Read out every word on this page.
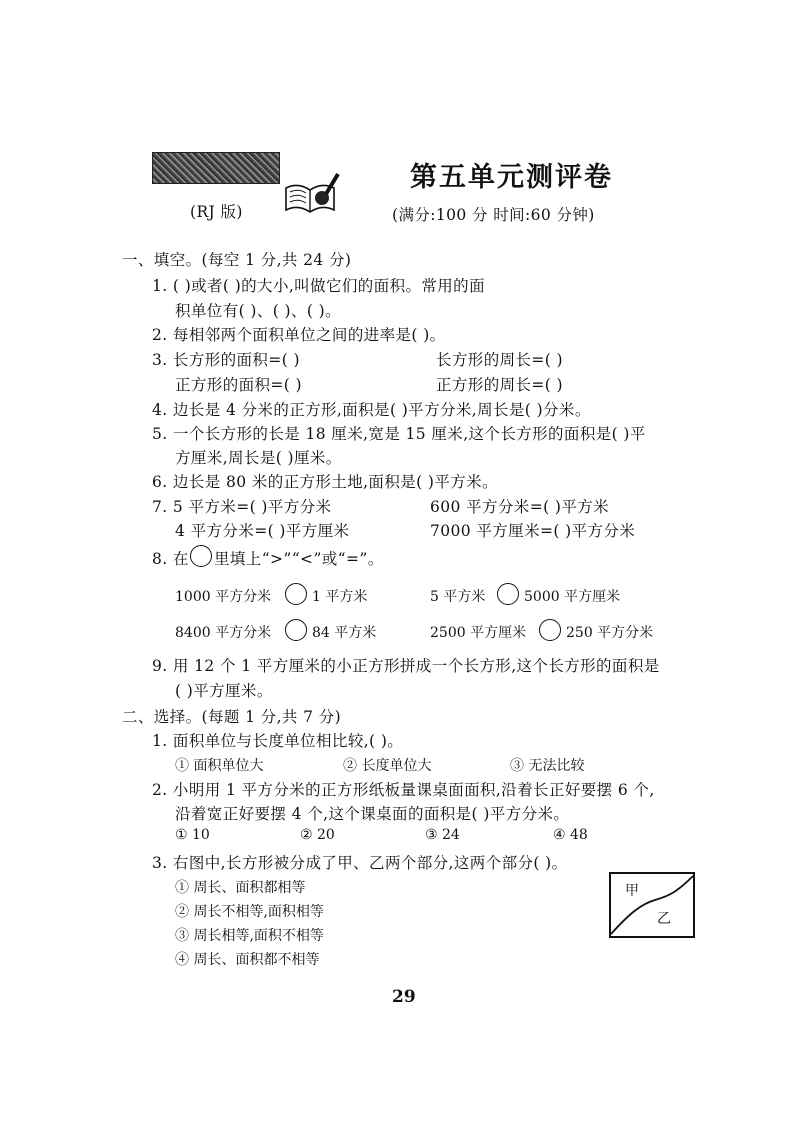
(RJ 版)
第五单元测评卷
(满分:100 分 时间:60 分钟)
一、填空。(每空 1 分,共 24 分)
1. ( )或者( )的大小,叫做它们的面积。常用的面
积单位有( )、( )、( )。
2. 每相邻两个面积单位之间的进率是( )。
3. 长方形的面积=( )	长方形的周长=( )
正方形的面积=( )	正方形的周长=( )
4. 边长是 4 分米的正方形,面积是( )平方分米,周长是( )分米。
5. 一个长方形的长是 18 厘米,宽是 15 厘米,这个长方形的面积是( )平
方厘米,周长是( )厘米。
6. 边长是 80 米的正方形土地,面积是( )平方米。
7. 5 平方米=( )平方分米	600 平方分米=( )平方米
4 平方分米=( )平方厘米	7000 平方厘米=( )平方分米
8. 在 里填上“>”“<”或“=”。
1000 平方分米	1 平方米	5 平方米	5000 平方厘米
8400 平方分米	84 平方米	2500 平方厘米	250 平方分米
9. 用 12 个 1 平方厘米的小正方形拼成一个长方形,这个长方形的面积是
( )平方厘米。
二、选择。(每题 1 分,共 7 分)
1. 面积单位与长度单位相比较,( )。
① 面积单位大	② 长度单位大	③ 无法比较
2. 小明用 1 平方分米的正方形纸板量课桌面面积,沿着长正好要摆 6 个,
沿着宽正好要摆 4 个,这个课桌面的面积是( )平方分米。
① 10	② 20	③ 24	④ 48
3. 右图中,长方形被分成了甲、乙两个部分,这两个部分( )。
① 周长、面积都相等
② 周长不相等,面积相等
③ 周长相等,面积不相等
④ 周长、面积都不相等
甲
乙
29
